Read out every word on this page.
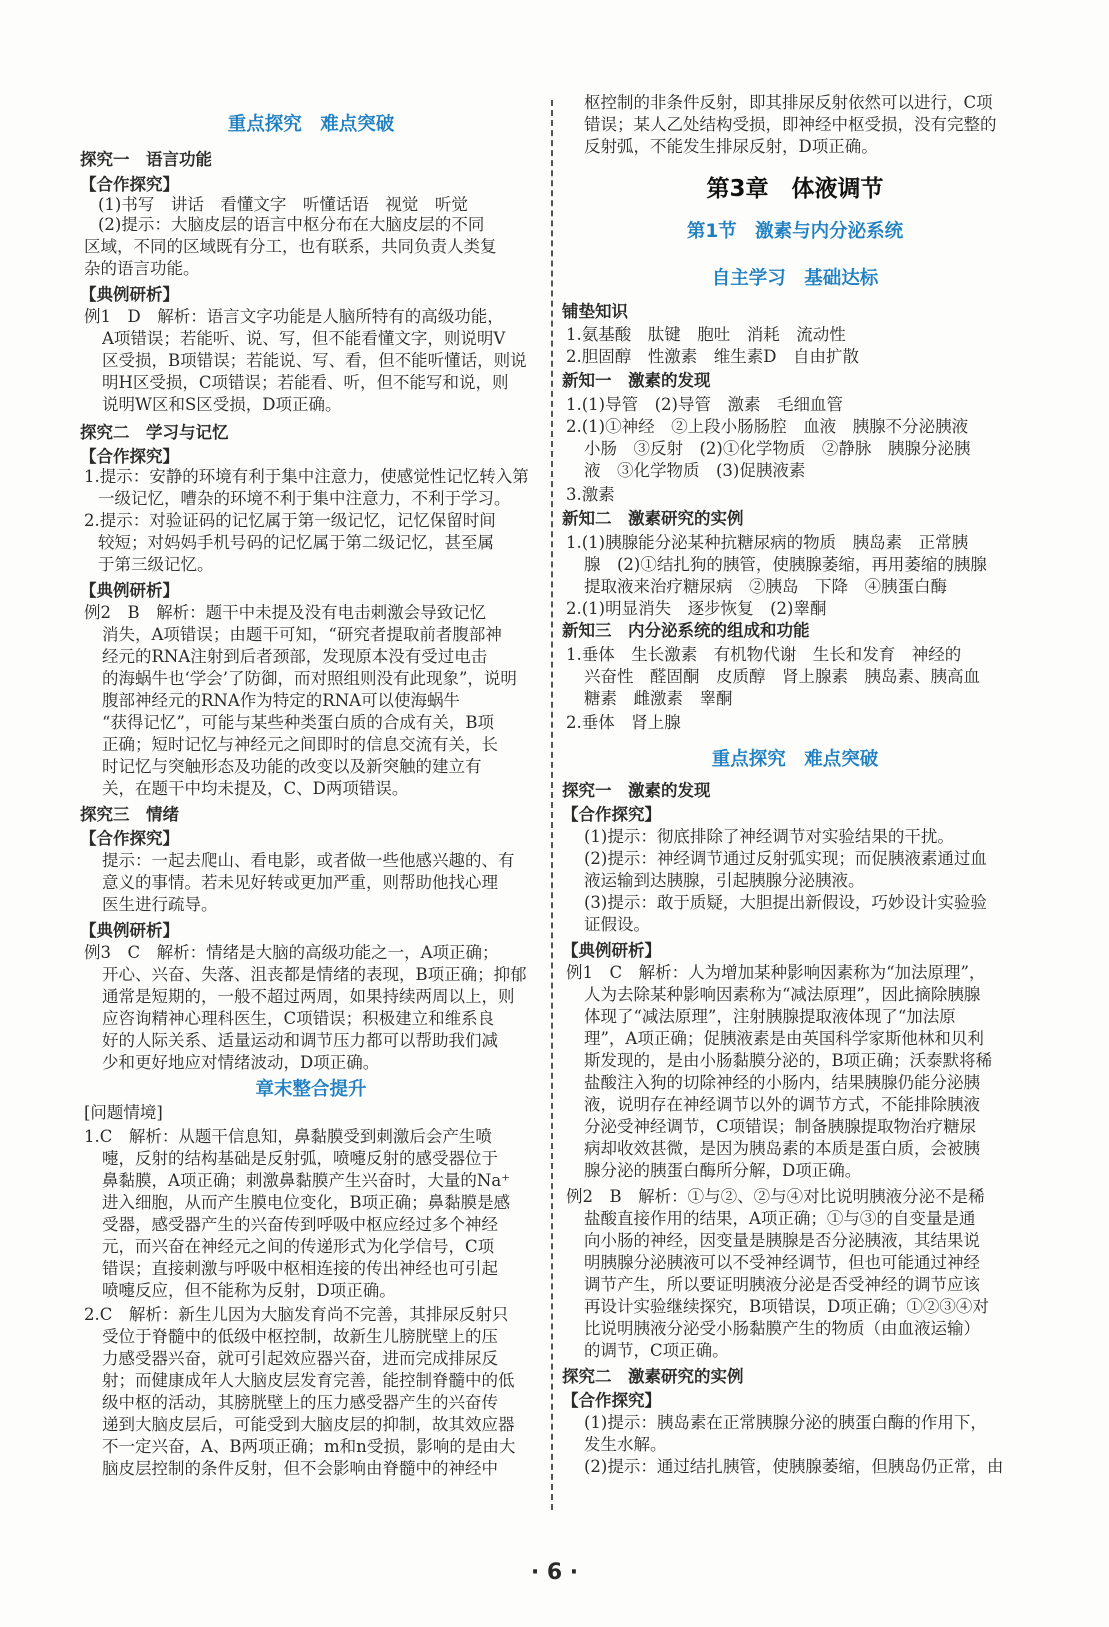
重点探究　难点突破
探究一　语言功能
【合作探究】
(1)书写　讲话　看懂文字　听懂话语　视觉　听觉
(2)提示：大脑皮层的语言中枢分布在大脑皮层的不同
区域，不同的区域既有分工，也有联系，共同负责人类复
杂的语言功能。
【典例研析】
例1　D　解析：语言文字功能是人脑所特有的高级功能，
A项错误；若能听、说、写，但不能看懂文字，则说明V
区受损，B项错误；若能说、写、看，但不能听懂话，则说
明H区受损，C项错误；若能看、听，但不能写和说，则
说明W区和S区受损，D项正确。
探究二　学习与记忆
【合作探究】
1.提示：安静的环境有利于集中注意力，使感觉性记忆转入第
一级记忆，嘈杂的环境不利于集中注意力，不利于学习。
2.提示：对验证码的记忆属于第一级记忆，记忆保留时间
较短；对妈妈手机号码的记忆属于第二级记忆，甚至属
于第三级记忆。
【典例研析】
例2　B　解析：题干中未提及没有电击刺激会导致记忆
消失，A项错误；由题干可知，“研究者提取前者腹部神
经元的RNA注射到后者颈部，发现原本没有受过电击
的海蜗牛也‘学会’了防御，而对照组则没有此现象”，说明
腹部神经元的RNA作为特定的RNA可以使海蜗牛
“获得记忆”，可能与某些种类蛋白质的合成有关，B项
正确；短时记忆与神经元之间即时的信息交流有关，长
时记忆与突触形态及功能的改变以及新突触的建立有
关，在题干中均未提及，C、D两项错误。
探究三　情绪
【合作探究】
提示：一起去爬山、看电影，或者做一些他感兴趣的、有
意义的事情。若未见好转或更加严重，则帮助他找心理
医生进行疏导。
【典例研析】
例3　C　解析：情绪是大脑的高级功能之一，A项正确；
开心、兴奋、失落、沮丧都是情绪的表现，B项正确；抑郁
通常是短期的，一般不超过两周，如果持续两周以上，则
应咨询精神心理科医生，C项错误；积极建立和维系良
好的人际关系、适量运动和调节压力都可以帮助我们减
少和更好地应对情绪波动，D项正确。
章末整合提升
[问题情境]
1.C　解析：从题干信息知，鼻黏膜受到刺激后会产生喷
嚏，反射的结构基础是反射弧，喷嚏反射的感受器位于
鼻黏膜，A项正确；刺激鼻黏膜产生兴奋时，大量的Na⁺
进入细胞，从而产生膜电位变化，B项正确；鼻黏膜是感
受器，感受器产生的兴奋传到呼吸中枢应经过多个神经
元，而兴奋在神经元之间的传递形式为化学信号，C项
错误；直接刺激与呼吸中枢相连接的传出神经也可引起
喷嚏反应，但不能称为反射，D项正确。
2.C　解析：新生儿因为大脑发育尚不完善，其排尿反射只
受位于脊髓中的低级中枢控制，故新生儿膀胱壁上的压
力感受器兴奋，就可引起效应器兴奋，进而完成排尿反
射；而健康成年人大脑皮层发育完善，能控制脊髓中的低
级中枢的活动，其膀胱壁上的压力感受器产生的兴奋传
递到大脑皮层后，可能受到大脑皮层的抑制，故其效应器
不一定兴奋，A、B两项正确；m和n受损，影响的是由大
脑皮层控制的条件反射，但不会影响由脊髓中的神经中
枢控制的非条件反射，即其排尿反射依然可以进行，C项
错误；某人乙处结构受损，即神经中枢受损，没有完整的
反射弧，不能发生排尿反射，D项正确。
第3章　体液调节
第1节　激素与内分泌系统
自主学习　基础达标
铺垫知识
1.氨基酸　肽键　胞吐　消耗　流动性
2.胆固醇　性激素　维生素D　自由扩散
新知一　激素的发现
1.(1)导管　(2)导管　激素　毛细血管
2.(1)①神经　②上段小肠肠腔　血液　胰腺不分泌胰液
小肠　③反射　(2)①化学物质　②静脉　胰腺分泌胰
液　③化学物质　(3)促胰液素
3.激素
新知二　激素研究的实例
1.(1)胰腺能分泌某种抗糖尿病的物质　胰岛素　正常胰
腺　(2)①结扎狗的胰管，使胰腺萎缩，再用萎缩的胰腺
提取液来治疗糖尿病　②胰岛　下降　④胰蛋白酶
2.(1)明显消失　逐步恢复　(2)睾酮
新知三　内分泌系统的组成和功能
1.垂体　生长激素　有机物代谢　生长和发育　神经的
兴奋性　醛固酮　皮质醇　肾上腺素　胰岛素、胰高血
糖素　雌激素　睾酮
2.垂体　肾上腺
重点探究　难点突破
探究一　激素的发现
【合作探究】
(1)提示：彻底排除了神经调节对实验结果的干扰。
(2)提示：神经调节通过反射弧实现；而促胰液素通过血
液运输到达胰腺，引起胰腺分泌胰液。
(3)提示：敢于质疑，大胆提出新假设，巧妙设计实验验
证假设。
【典例研析】
例1　C　解析：人为增加某种影响因素称为“加法原理”，
人为去除某种影响因素称为“减法原理”，因此摘除胰腺
体现了“减法原理”，注射胰腺提取液体现了“加法原
理”，A项正确；促胰液素是由英国科学家斯他林和贝利
斯发现的，是由小肠黏膜分泌的，B项正确；沃泰默将稀
盐酸注入狗的切除神经的小肠内，结果胰腺仍能分泌胰
液，说明存在神经调节以外的调节方式，不能排除胰液
分泌受神经调节，C项错误；制备胰腺提取物治疗糖尿
病却收效甚微，是因为胰岛素的本质是蛋白质，会被胰
腺分泌的胰蛋白酶所分解，D项正确。
例2　B　解析：①与②、②与④对比说明胰液分泌不是稀
盐酸直接作用的结果，A项正确；①与③的自变量是通
向小肠的神经，因变量是胰腺是否分泌胰液，其结果说
明胰腺分泌胰液可以不受神经调节，但也可能通过神经
调节产生，所以要证明胰液分泌是否受神经的调节应该
再设计实验继续探究，B项错误，D项正确；①②③④对
比说明胰液分泌受小肠黏膜产生的物质（由血液运输）
的调节，C项正确。
探究二　激素研究的实例
【合作探究】
(1)提示：胰岛素在正常胰腺分泌的胰蛋白酶的作用下，
发生水解。
(2)提示：通过结扎胰管，使胰腺萎缩，但胰岛仍正常，由
· 6 ·
